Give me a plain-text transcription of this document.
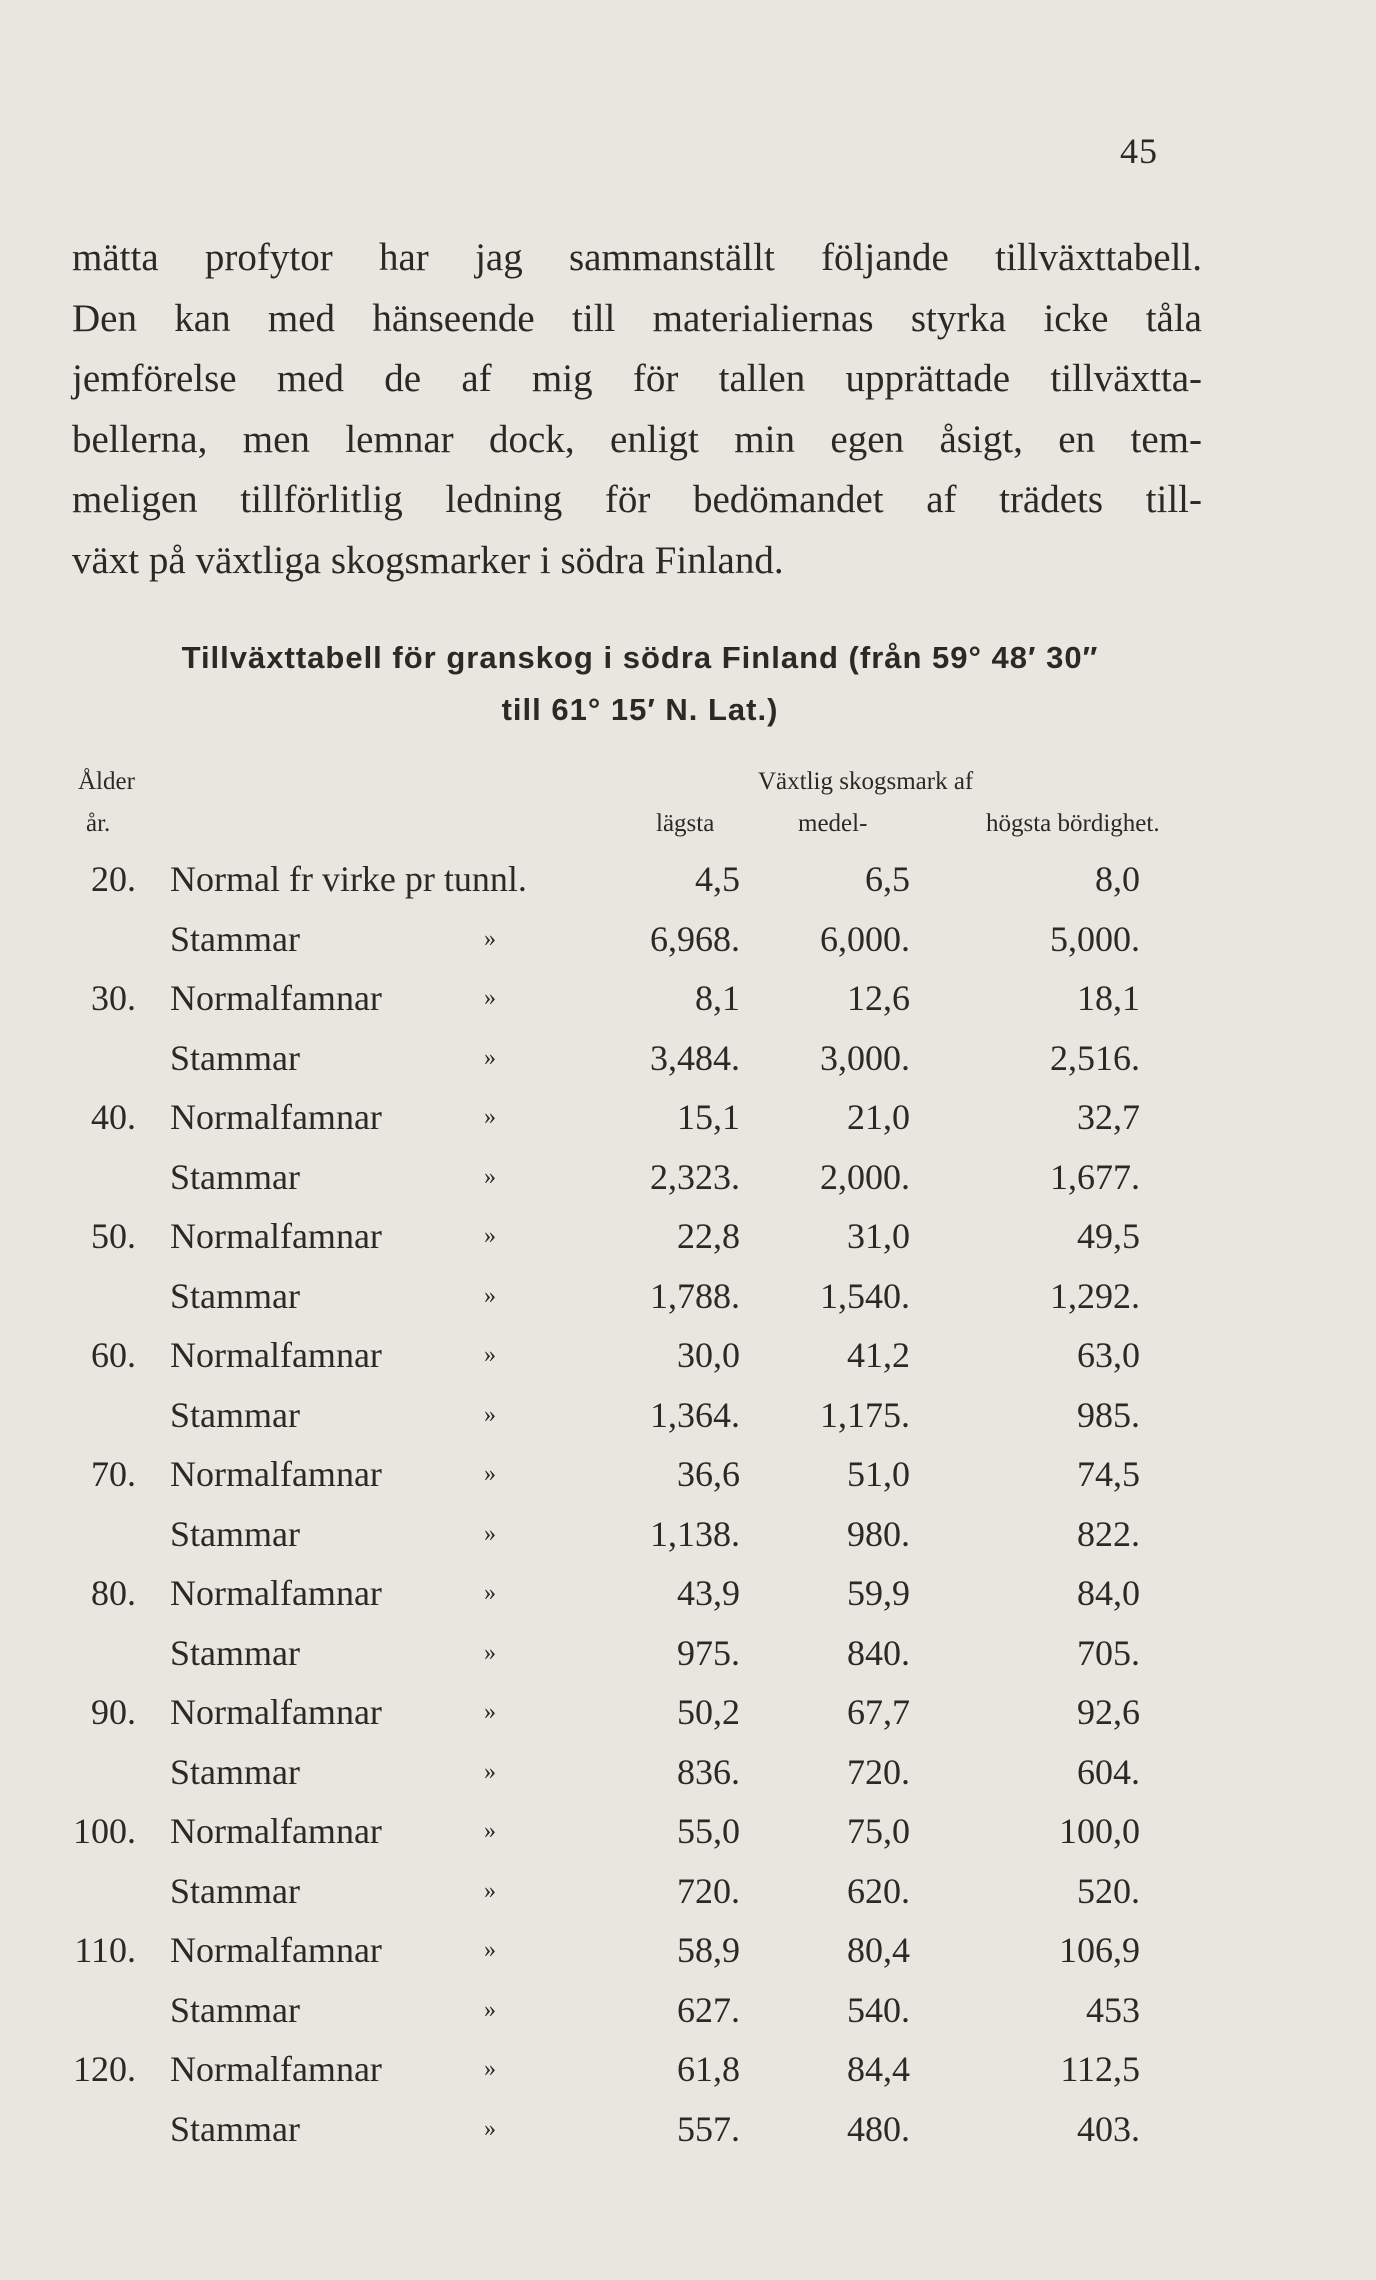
45
mätta profytor har jag sammanställt följande tillväxttabell.
Den kan med hänseende till materialiernas styrka icke tåla
jemförelse med de af mig för tallen upprättade tillväxtta-
bellerna, men lemnar dock, enligt min egen åsigt, en tem-
meligen tillförlitlig ledning för bedömandet af trädets till-
växt på växtliga skogsmarker i södra Finland.
Tillväxttabell för granskog i södra Finland (från 59° 48′ 30″
till 61° 15′ N. Lat.)
Ålder
år.
Växtlig skogsmark af
lägsta	medel-	högsta bördighet.
20. Normal fr virke pr tunnl.	4,5	6,5	8,0
Stammar	»	6,968.	6,000.	5,000.
30. Normalfamnar	»	8,1	12,6	18,1
Stammar	»	3,484.	3,000.	2,516.
40. Normalfamnar	»	15,1	21,0	32,7
Stammar	»	2,323.	2,000.	1,677.
50. Normalfamnar	»	22,8	31,0	49,5
Stammar	»	1,788.	1,540.	1,292.
60. Normalfamnar	»	30,0	41,2	63,0
Stammar	»	1,364.	1,175.	985.
70. Normalfamnar	»	36,6	51,0	74,5
Stammar	»	1,138.	980.	822.
80. Normalfamnar	»	43,9	59,9	84,0
Stammar	»	975.	840.	705.
90. Normalfamnar	»	50,2	67,7	92,6
Stammar	»	836.	720.	604.
100. Normalfamnar	»	55,0	75,0	100,0
Stammar	»	720.	620.	520.
110. Normalfamnar	»	58,9	80,4	106,9
Stammar	»	627.	540.	453
120. Normalfamnar	»	61,8	84,4	112,5
Stammar	»	557.	480.	403.
